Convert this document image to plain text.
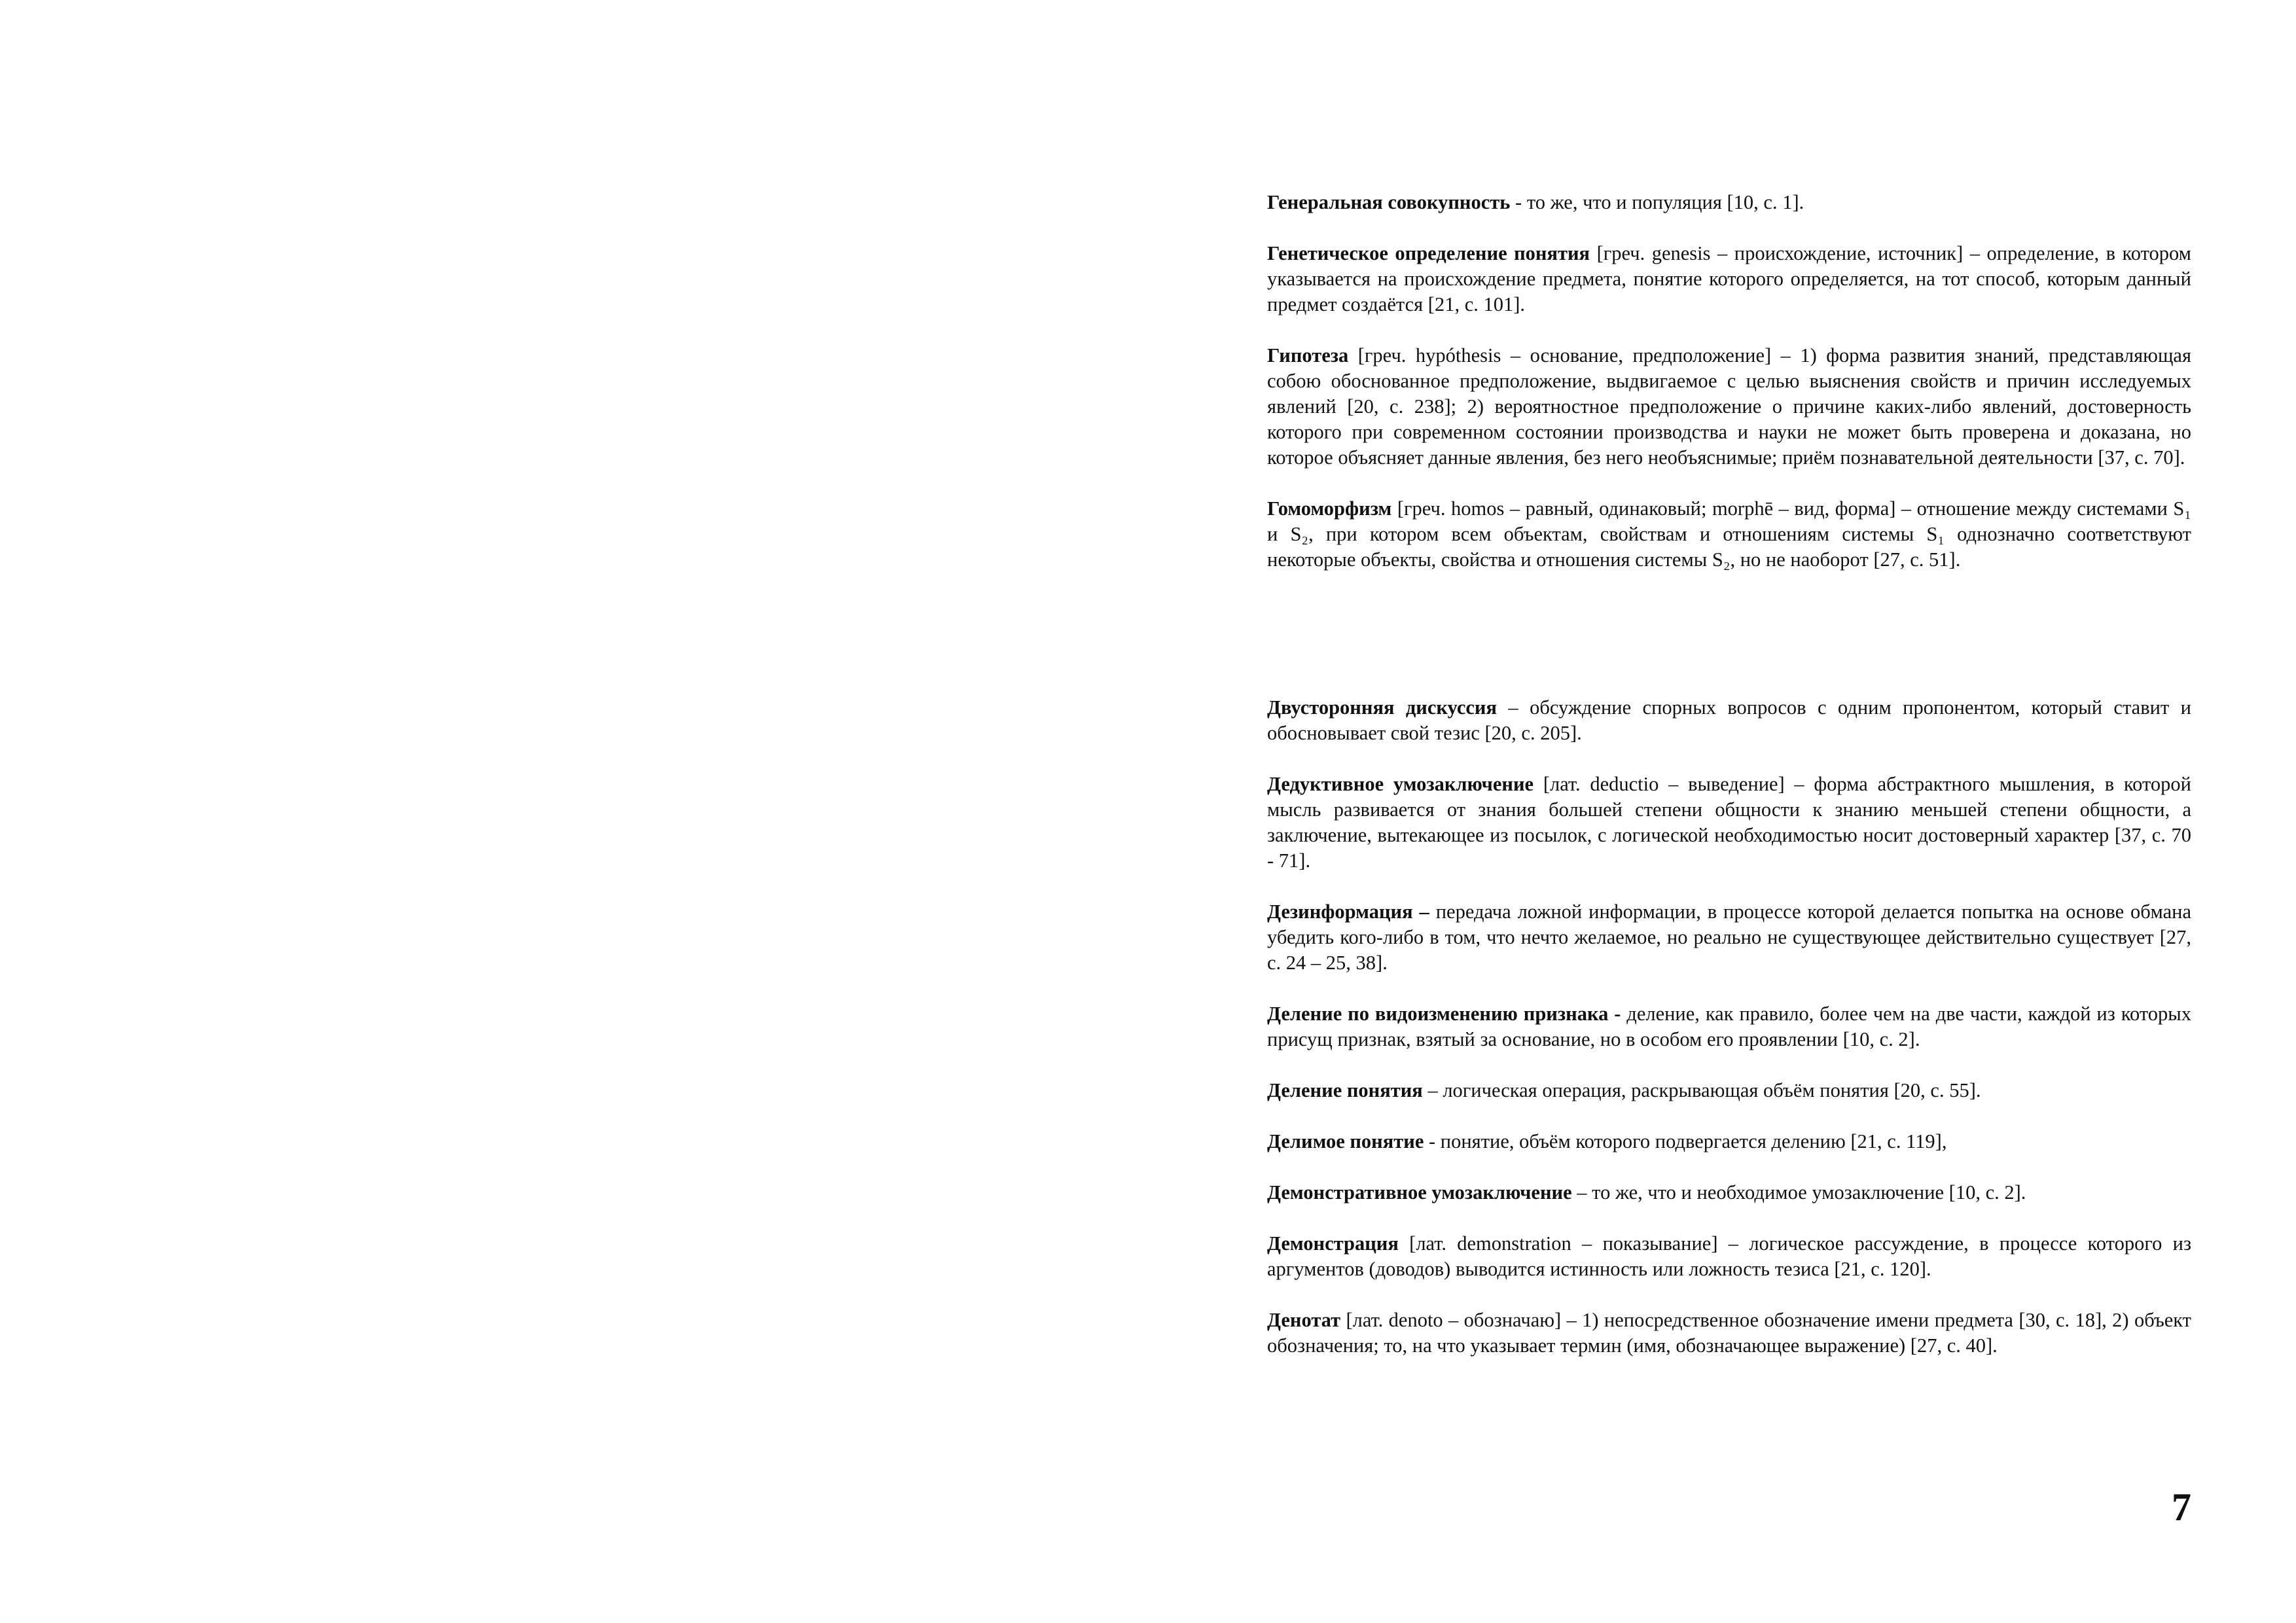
Генеральная совокупность - то же, что и популяция [10, с. 1].

Генетическое определение понятия [греч. genesis – происхождение, источник] – определение, в котором указывается на происхождение предмета, понятие которого определяется, на тот способ, которым данный предмет создаётся [21, с. 101].

Гипотеза [греч. hypóthesis – основание, предположение] – 1) форма развития знаний, представляющая собою обоснованное предположение, выдвигаемое с целью выяснения свойств и причин исследуемых явлений [20, с. 238]; 2) вероятностное предположение о причине каких-либо явлений, достоверность которого при современном состоянии производства и науки не может быть проверена и доказана, но которое объясняет данные явления, без него необъяснимые; приём познавательной деятельности [37, с. 70].

Гомоморфизм [греч. homos – равный, одинаковый; morphē – вид, форма] – отношение между системами S₁ и S₂, при котором всем объектам, свойствам и отношениям системы S₁ однозначно соответствуют некоторые объекты, свойства и отношения системы S₂, но не наоборот [27, с. 51].

Двусторонняя дискуссия – обсуждение спорных вопросов с одним пропонентом, который ставит и обосновывает свой тезис [20, с. 205].

Дедуктивное умозаключение [лат. deductio – выведение] – форма абстрактного мышления, в которой мысль развивается от знания большей степени общности к знанию меньшей степени общности, а заключение, вытекающее из посылок, с логической необходимостью носит достоверный характер [37, с. 70 - 71].

Дезинформация – передача ложной информации, в процессе которой делается попытка на основе обмана убедить кого-либо в том, что нечто желаемое, но реально не существующее действительно существует [27, с. 24 – 25, 38].

Деление по видоизменению признака - деление, как правило, более чем на две части, каждой из которых присущ признак, взятый за основание, но в особом его проявлении [10, с. 2].

Деление понятия – логическая операция, раскрывающая объём понятия [20, с. 55].

Делимое понятие - понятие, объём которого подвергается делению [21, с. 119],

Демонстративное умозаключение – то же, что и необходимое умозаключение [10, с. 2].

Демонстрация [лат. demonstration – показывание] – логическое рассуждение, в процессе которого из аргументов (доводов) выводится истинность или ложность тезиса [21, с. 120].

Денотат [лат. denoto – обозначаю] – 1) непосредственное обозначение имени предмета [30, с. 18], 2) объект обозначения; то, на что указывает термин (имя, обозначающее выражение) [27, с. 40].

7
